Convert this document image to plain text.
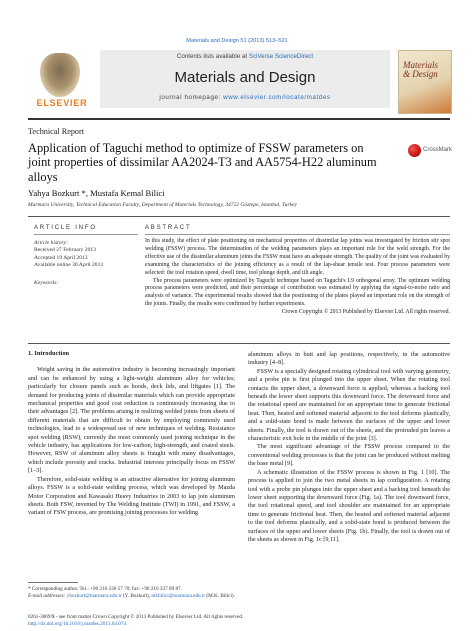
Materials and Design 51 (2013) 513–521
ELSEVIER
Contents lists available at SciVerse ScienceDirect
Materials and Design
journal homepage: www.elsevier.com/locate/matdes
Materials
& Design
Technical Report
Application of Taguchi method to optimize of FSSW parameters on joint properties of dissimilar AA2024-T3 and AA5754-H22 aluminum alloys
CrossMark
Yahya Bozkurt *, Mustafa Kemal Bilici
Marmara University, Technical Education Faculty, Department of Materials Technology, 34722 Göztepe, Istanbul, Turkey
ARTICLE INFO	ABSTRACT
Article history:
Received 27 February 2013
Accepted 19 April 2013
Available online 30 April 2013
Keywords:

In this study, the effect of plate positioning on mechanical properties of dissimilar lap joints was investigated by friction stir spot welding (FSSW) process. The determination of the welding parameters plays an important role for the weld strength. For the effective use of the dissimilar aluminum joints the FSSW must have an adequate strength. The quality of the joint was evaluated by examining the characteristics of the joining efficiency as a result of the lap-shear tensile test. Four process parameters were selected: the tool rotation speed, dwell time, tool plunge depth, and tilt angle.

The process parameters were optimized by Taguchi technique based on Taguchi's L9 orthogonal array. The optimum welding process parameters were predicted, and their percentage of contribution was estimated by applying the signal-to-noise ratio and analysis of variance. The experimental results showed that the positioning of the plates played an important role on the strength of the joints. Finally, the results were confirmed by further experiments.

Crown Copyright © 2013 Published by Elsevier Ltd. All rights reserved.
1. Introduction

Weight saving in the automotive industry is becoming increasingly important and can be enhanced by using a light-weight aluminum alloy for vehicles; particularly for closure panels such as hoods, deck lids, and liftgates [1]. The demand for producing joints of dissimilar materials which can provide appropriate mechanical properties and good cost reduction is continuously increasing due to their advantages [2]. The problems arising in realizing welded joints from sheets of different materials that are difficult to obtain by employing commonly used technologies, lead to a widespread use of new techniques of welding. Resistance spot welding (RSW), currently the most commonly used joining technique in the vehicle industry, has applications for low-carbon, high-strength, and coated steels. However, RSW of aluminum alloy sheets is fraught with many disadvantages, which include porosity and cracks. Industrial interests principally focus on FSSW [1–3].

Therefore, solid-state welding is an attractive alternative for joining aluminum alloys. FSSW is a solid-state welding process, which was developed by Mazda Motor Corporation and Kawasaki Heavy Industries in 2003 to lap join aluminum sheets. Both FSW, invented by The Welding Institute (TWI) in 1991, and FSSW, a variant of FSW process, are promising joining processes for welding

aluminum alloys in butt and lap positions, respectively, in the automotive industry [4–8].

FSSW is a specially designed rotating cylindrical tool with varying geometry, and a probe pin is first plunged into the upper sheet. When the rotating tool contacts the upper sheet, a downward force is applied, whereas a backing tool beneath the lower sheet supports this downward force. The downward force and the rotational speed are maintained for an appropriate time to generate frictional heat. Then, heated and softened material adjacent to the tool deforms plastically, and a solid-state bond is made between the surfaces of the upper and lower sheets. Finally, the tool is drawn out of the sheets, and the protruded pin leaves a characteristic exit hole in the middle of the joint [3].

The most significant advantage of the FSSW process compared to the conventional welding processes is that the joint can be produced without melting the base metal [9].

A schematic illustration of the FSSW process is shown in Fig. 1 [10]. The process is applied to join the two metal sheets in lap configuration. A rotating tool with a probe pin plunges into the upper sheet and a backing tool beneath the lower sheet supporting the downward force (Fig. 1a). The tool downward force, the tool rotational speed, and tool shoulder are maintained for an appropriate time to generate frictional heat. Then, the heated and softened material adjacent to the tool deforms plastically, and a solid-state bond is produced between the surfaces of the upper and lower sheets (Fig. 1b). Finally, the tool is drawn out of the sheets as shown in Fig. 1c [9,11].

* Corresponding author. Tel.: +90 216 336 57 70; fax: +90 216 337 89 87.
E-mail addresses: ybozkurt@marmara.edu.tr (Y. Bozkurt), mkbilici@marmara.edu.tr (M.K. Bilici).
0261-3069/$ - see front matter Crown Copyright © 2013 Published by Elsevier Ltd. All rights reserved.
http://dx.doi.org/10.1016/j.matdes.2013.04.074
